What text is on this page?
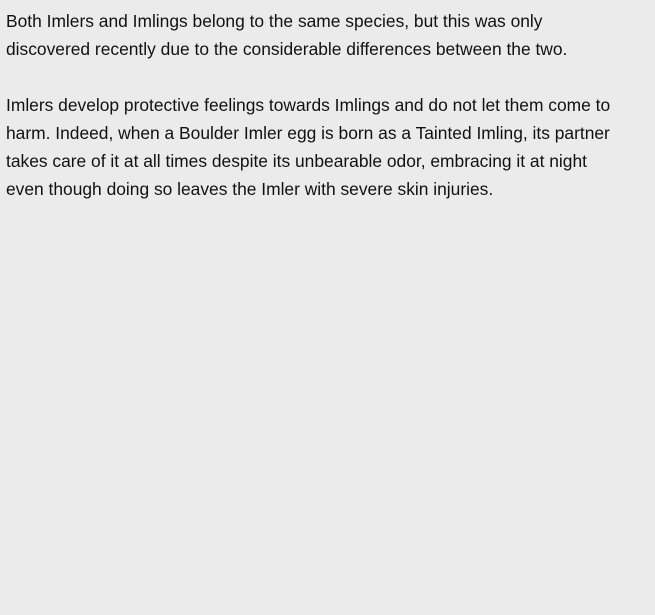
Both Imlers and Imlings belong to the same species, but this was only
discovered recently due to the considerable differences between the two.

Imlers develop protective feelings towards Imlings and do not let them come to
harm. Indeed, when a Boulder Imler egg is born as a Tainted Imling, its partner
takes care of it at all times despite its unbearable odor, embracing it at night
even though doing so leaves the Imler with severe skin injuries.
